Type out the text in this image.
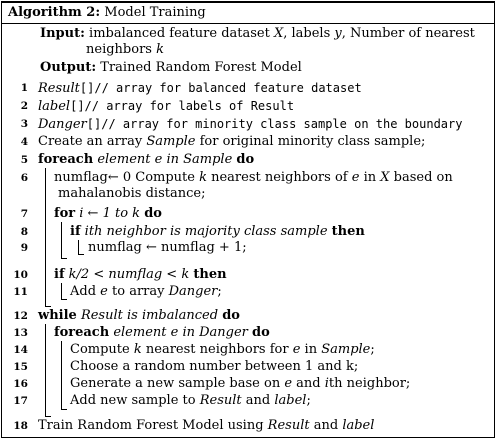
Algorithm 2: Model Training
Input: imbalanced feature dataset X, labels y, Number of nearest
neighbors k
Output: Trained Random Forest Model
1 Result[]// array for balanced feature dataset
2 label[]// array for labels of Result
3 Danger[]// array for minority class sample on the boundary
4 Create an array Sample for original minority class sample;
5 foreach element e in Sample do
6 numflag← 0 Compute k nearest neighbors of e in X based on
mahalanobis distance;
7 for i ← 1 to k do
8	if ith neighbor is majority class sample then
9	numflag ← numflag + 1;
10 if k/2 < numflag < k then
11	Add e to array Danger;
12 while Result is imbalanced do
13 foreach element e in Danger do
14	Compute k nearest neighbors for e in Sample;
15	Choose a random number between 1 and k;
16	Generate a new sample base on e and ith neighbor;
17	Add new sample to Result and label;
18 Train Random Forest Model using Result and label
